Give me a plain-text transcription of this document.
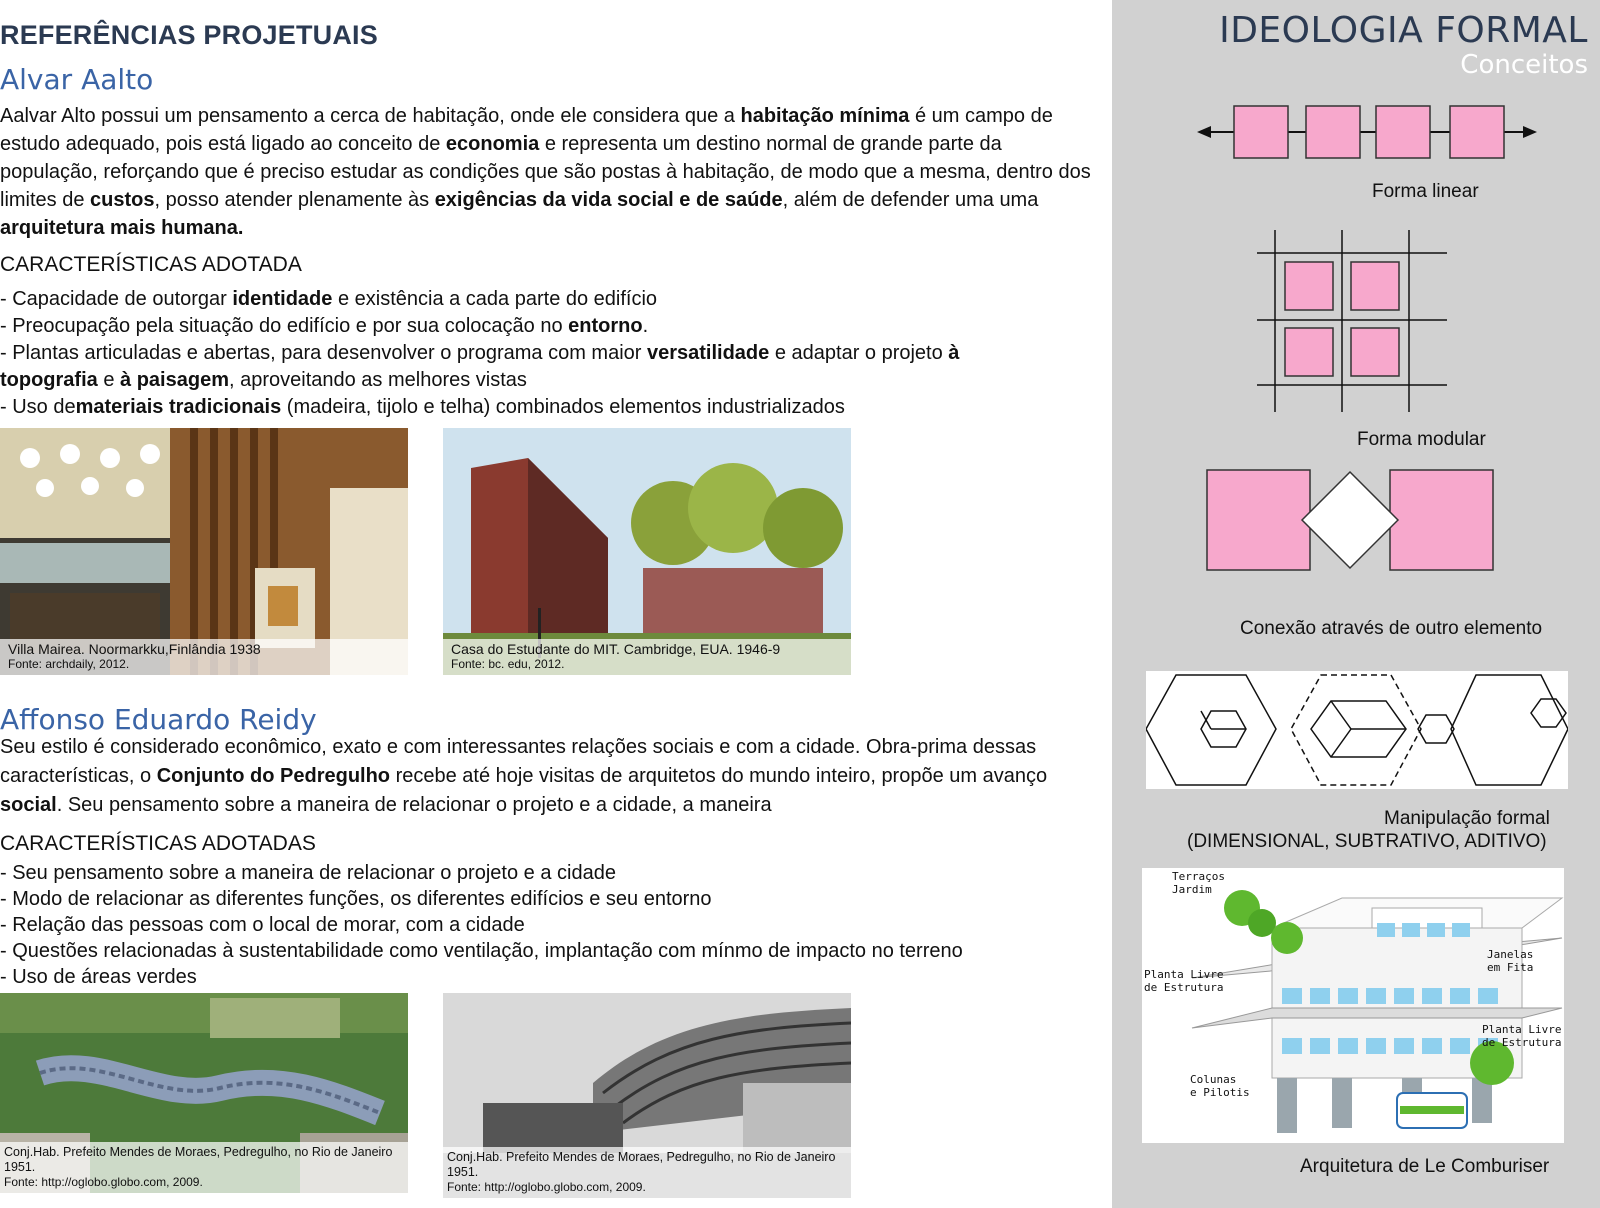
REFERÊNCIAS PROJETUAIS
Alvar Aalto

Aalvar Alto possui um pensamento a cerca de habitação, onde ele considera que a habitação mínima é um campo de estudo adequado, pois está ligado ao conceito de economia e representa um destino normal de grande parte da população, reforçando que é preciso estudar as condições que são postas à habitação, de modo que a mesma, dentro dos limites de custos, posso atender plenamente às exigências da vida social e de saúde, além de defender uma uma arquitetura mais humana.

CARACTERÍSTICAS ADOTADA
- Capacidade de outorgar identidade e existência a cada parte do edifício
- Preocupação pela situação do edifício e por sua colocação no entorno.
- Plantas articuladas e abertas, para desenvolver o programa com maior versatilidade e adaptar o projeto à topografia e à paisagem, aproveitando as melhores vistas
- Uso demateriais tradicionais (madeira, tijolo e telha) combinados elementos industrializados
Villa Mairea. Noormarkku,Finlândia 1938
Fonte: archdaily, 2012.
Casa do Estudante do MIT. Cambridge, EUA. 1946-9
Fonte: bc. edu, 2012.
Affonso Eduardo Reidy

Seu estilo é considerado econômico, exato e com interessantes relações sociais e com a cidade. Obra-prima dessas características, o Conjunto do Pedregulho recebe até hoje visitas de arquitetos do mundo inteiro, propõe um avanço social. Seu pensamento sobre a maneira de relacionar o projeto e a cidade, a maneira

CARACTERÍSTICAS ADOTADAS
- Seu pensamento sobre a maneira de relacionar o projeto e a cidade
- Modo de relacionar as diferentes funções, os diferentes edifícios e seu entorno
- Relação das pessoas com o local de morar, com a cidade
- Questões relacionadas à sustentabilidade como ventilação, implantação com mínmo de impacto no terreno
- Uso de áreas verdes
Conj.Hab. Prefeito Mendes de Moraes, Pedregulho, no Rio de Janeiro 1951.
Fonte: http://oglobo.globo.com, 2009.
Conj.Hab. Prefeito Mendes de Moraes, Pedregulho, no Rio de Janeiro 1951.
Fonte: http://oglobo.globo.com, 2009.
IDEOLOGIA FORMAL
Conceitos
Forma linear
Forma modular
Conexão através de outro elemento
Manipulação formal
(DIMENSIONAL, SUBTRATIVO, ADITIVO)
Terraços
Jardim
Janelas
em Fita
Planta Livre
de Estrutura
Planta Livre
de Estrutura
Colunas
e Pilotis
Arquitetura de Le Comburiser
